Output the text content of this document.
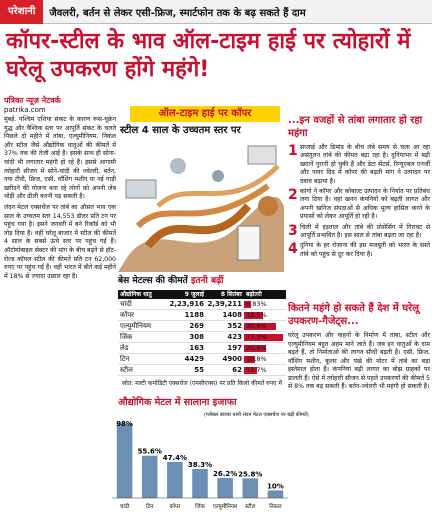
परेशानी	जैवलरी, बर्तन से लेकर एसी-फ्रिज, स्मार्टफोन तक के बढ़ सकते हैं दाम
कॉपर-स्टील के भाव ऑल-टाइम हाई पर त्योहारों में घरेलू उपकरण होंगे महंगे!
पत्रिका न्यूज़ नेटवर्क
patrika.com

मुंबई. पश्चिम एशिया संकट के कारण रूस-यूक्रेन युद्ध और वैश्विक स्तर पर आपूर्ति संकट के चलते पिछले दो महीने में तांबा, एल्युमीनियम, निकल और स्टील जैसे औद्योगिक धातुओं की कीमतें में 37% तक की तेजी आई है। इसके साथ ही सोना-चांदी भी लगातार महंगी हो रहे हैं। इससे आगामी त्योहारी सीजन में सोने-चांदी की ज्वेलरी, बर्तन, नया टीवी, फ्रिज, एसी, वॉशिंग मशीन या नई गाड़ी खरीदने की योजना बना रहे लोगों को अपनी जेब थोड़ी और ढीली करनी पड़ सकती है।

लंदन मेटल एक्सचेंज पर तांबे का औसत भाव एक साल के उच्चतम स्तर 14,553 डॉलर प्रति टन पर पहुंच गया है। इसने जनवरी में बने रिकॉर्ड को भी तोड़ दिया है। वहीं घरेलू बाजार में स्टील की कीमतें 4 साल के सबसे ऊंचे स्तर पर पहुंच गई हैं। ऑटोमोबाइल सेक्टर की मांग के बीच बढ़ने से हॉट-रोल्ड कॉयल स्टील की कीमतें प्रति टन 62,000 रुपए पर पहुंच गई हैं। वहीं भारत में बीते कई महीने में 18% से ज्यादा उछाल रहा है।

ऑल-टाइम हाई पर कॉपर
स्टील 4 साल के उच्चतम स्तर पर
...इन वजहों से तांबा लगातार हो रहा महंगा
1 सप्लाई और डिमांड के बीच लंबे समय से चला आ रहा असंतुलन तांबे की कीमत बढ़ा रहा है। दुनियाभर में बढ़ी खदानें पुरानी हो चुकी हैं और डेटा सेंटर्स, रिन्यूएबल एनर्जी और पावर ग्रिड में कॉपर की बढ़ती मांग ने उत्पादन पर दबाव बढ़ाया है।
2 कांगो ने कॉपर और कोबाल्ट उत्पादन के निर्यात पर प्रतिबंध लगा दिया है। वहां खनन कंपनियों को बढ़ती लागत और अपनी खनिज संपदाओं से अधिक मूल्य हासिल करने के प्रयासों को लेकर आपूर्ति हो रही है।
3 चिली में हड़ताल और तांबे की प्रोसेसिंग में गिरावट से आपूर्ति प्रभावित है। इस साल से तांबा बढ़ता जा रहा है।
4 दुनिया के हर रोजाना की इस मजबूती को भारत के सस्ते तांबे को पहुंच से दूर कर दिया है।
कितने महंगे हो सकते हैं देश में घरेलू उपकरण-गैजेट्स...
घरेलू उपकरण और वाहनों के निर्माण में तांबा, स्टील और एल्युमीनियम बहुत अहम माने जाते हैं। जब इन धातुओं के दाम बढ़ते हैं, तो निर्माताओं की लागत सीधी बढ़ती है। एसी, फ्रिज, वॉशिंग मशीन, कूलर और पंखे की मोटर में तांबे का बड़ा इस्तेमाल होता है। कंपनियां बढ़ी लागत का बोझ ग्राहकों पर डालती हैं। ऐसे में त्योहारी सीजन से पहले उपकरणों की कीमतें 5 से 8% तक बढ़ सकती हैं। बर्तन-ज्वेलरी भी महंगी हो सकती हैं।
बेस मेटल्स की कीमतें इतनी बढ़ीं
औद्योगिक धातु	9 जुलाई	8 सितंबर बढ़ोतरी
चांदी	2,23,916 2,39,211 6.83%
कॉपर	1188	1408 18.5%
एल्युमीनियम	269	352 30.9%
जिंक	308	423 37.3%
लेड	163	197 20.8%
टिन	4429	4900 10.8%
स्टील	55	62 12.7%
स्रोत: मल्टी कमोडिटी एक्सचेंज (एमसीएक्स) पर प्रति किलो कीमतें रुपए में
औद्योगिक मेटल में सालाना इजाफा
(ग्लोबल बाजार यानी लंदन मेटल एक्सचेंज पर बढ़ी कीमतें)
98%
चांदी
55.6%
टिन
47.4%
कॉपर
38.3%
जिंक
26.2%
एल्युमीनियम
25.8%
स्टील
10%
निकल
